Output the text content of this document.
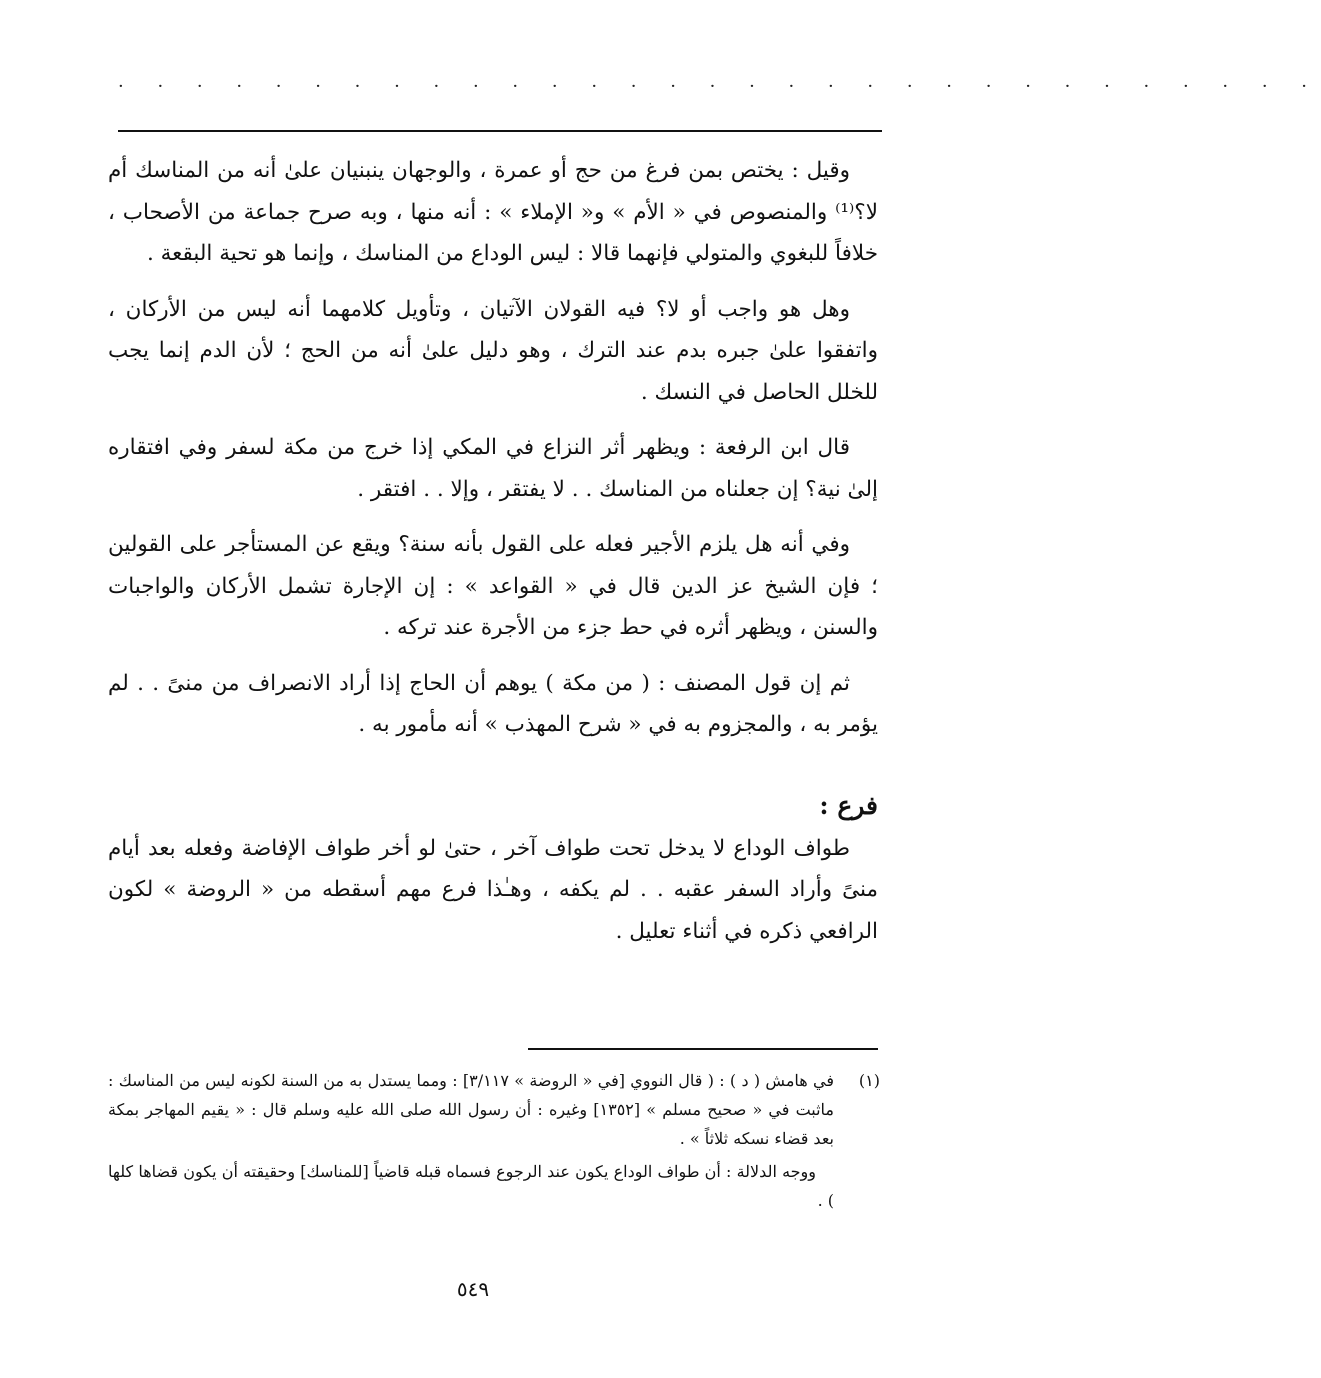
· · · · · · · · · · · · · · · · · · · · · · · · · · · · · · ·

وقيل : يختص بمن فرغ من حج أو عمرة ، والوجهان ينبنيان علىٰ أنه من المناسك أم لا؟⁽¹⁾ والمنصوص في « الأم » و« الإملاء » : أنه منها ، وبه صرح جماعة من الأصحاب ، خلافاً للبغوي والمتولي فإنهما قالا : ليس الوداع من المناسك ، وإنما هو تحية البقعة .

وهل هو واجب أو لا؟ فيه القولان الآتيان ، وتأويل كلامهما أنه ليس من الأركان ، واتفقوا علىٰ جبره بدم عند الترك ، وهو دليل علىٰ أنه من الحج ؛ لأن الدم إنما يجب للخلل الحاصل في النسك .

قال ابن الرفعة : ويظهر أثر النزاع في المكي إذا خرج من مكة لسفر وفي افتقاره إلىٰ نية؟ إن جعلناه من المناسك . . لا يفتقر ، وإلا . . افتقر .

وفي أنه هل يلزم الأجير فعله على القول بأنه سنة؟ ويقع عن المستأجر على القولين ؛ فإن الشيخ عز الدين قال في « القواعد » : إن الإجارة تشمل الأركان والواجبات والسنن ، ويظهر أثره في حط جزء من الأجرة عند تركه .

ثم إن قول المصنف : ( من مكة ) يوهم أن الحاج إذا أراد الانصراف من منىً . . لم يؤمر به ، والمجزوم به في « شرح المهذب » أنه مأمور به .

فرع :

طواف الوداع لا يدخل تحت طواف آخر ، حتىٰ لو أخر طواف الإفاضة وفعله بعد أيام منىً وأراد السفر عقبه . . لم يكفه ، وهـٰذا فرع مهم أسقطه من « الروضة » لكون الرافعي ذكره في أثناء تعليل .

(١)
في هامش ( د ) : ( قال النووي [في « الروضة » ٣/١١٧] : ومما يستدل به من السنة لكونه ليس من المناسك : ماثبت في « صحيح مسلم » [١٣٥٢] وغيره : أن رسول الله صلى الله عليه وسلم قال : « يقيم المهاجر بمكة بعد قضاء نسكه ثلاثاً » .

ووجه الدلالة : أن طواف الوداع يكون عند الرجوع فسماه قبله قاضياً [للمناسك] وحقيقته أن يكون قضاها كلها ) .

٥٤٩
